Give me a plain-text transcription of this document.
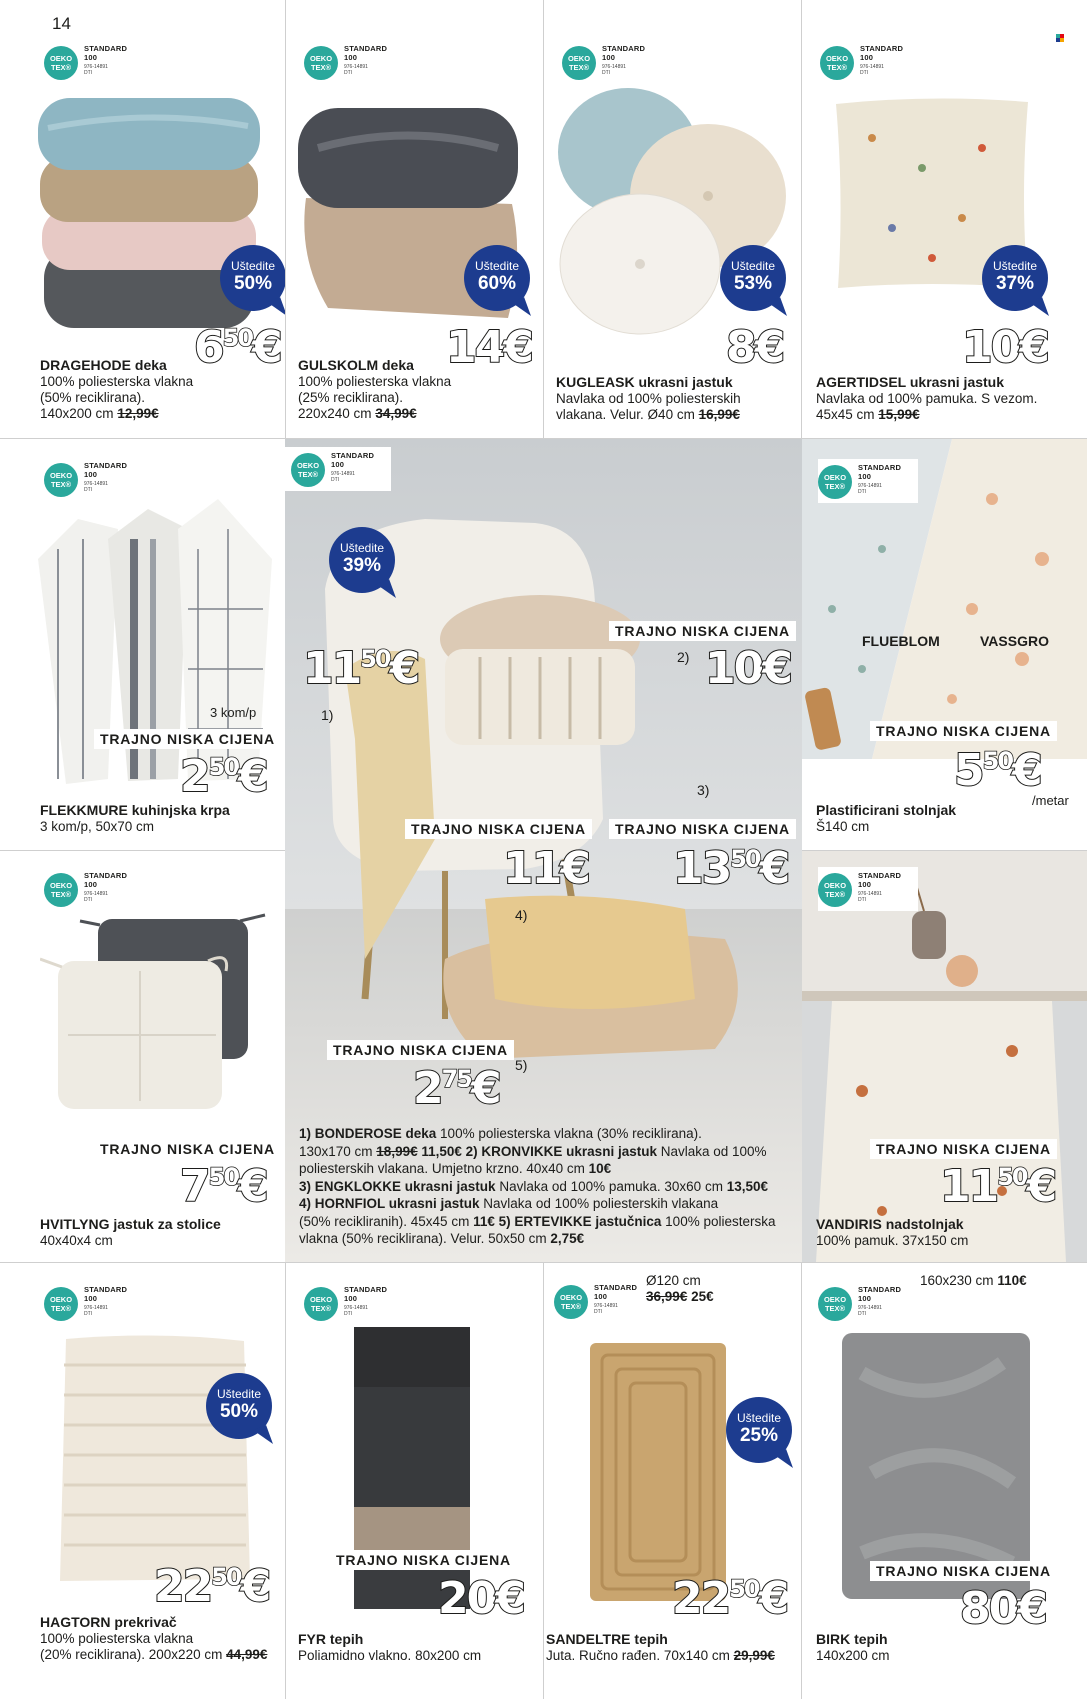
14
OEKO TEX®
STANDARD
100
976-14891
DTI
Uštedite
50%
650€
DRAGEHODE deka
100% poliesterska vlakna
(50% reciklirana).
140x200 cm 12,99€
OEKO TEX®
STANDARD
100
976-14891
DTI
Uštedite
60%
14€
GULSKOLM deka
100% poliesterska vlakna
(25% reciklirana).
220x240 cm 34,99€
OEKO TEX®
STANDARD
100
976-14891
DTI
Uštedite
53%
8€
KUGLEASK ukrasni jastuk
Navlaka od 100% poliesterskih
vlakana. Velur. Ø40 cm 16,99€
OEKO TEX®
STANDARD
100
976-14891
DTI
Uštedite
37%
10€
AGERTIDSEL ukrasni jastuk
Navlaka od 100% pamuka. S vezom.
45x45 cm 15,99€
OEKO TEX®
STANDARD
100
976-14891
DTI
3 kom/p
TRAJNO NISKA CIJENA
250€
FLEKKMURE kuhinjska krpa
3 kom/p, 50x70 cm
OEKO TEX®
STANDARD
100
976-14891
DTI
TRAJNO NISKA CIJENA
750€
HVITLYNG jastuk za stolice
40x40x4 cm
Uštedite
39%
1150€
1)
TRAJNO NISKA CIJENA
2) 10€
3)
TRAJNO NISKA CIJENA	TRAJNO NISKA CIJENA
11€ 1350€
4)
TRAJNO NISKA CIJENA
5)
275€
1) BONDEROSE deka 100% poliesterska vlakna (30% reciklirana).
130x170 cm 18,99€ 11,50€ 2) KRONVIKKE ukrasni jastuk Navlaka od 100%
poliesterskih vlakana. Umjetno krzno. 40x40 cm 10€
3) ENGKLOKKE ukrasni jastuk Navlaka od 100% pamuka. 30x60 cm 13,50€
4) HORNFIOL ukrasni jastuk Navlaka od 100% poliesterskih vlakana
(50% recikliranih). 45x45 cm 11€ 5) ERTEVIKKE jastučnica 100% poliesterska
vlakna (50% reciklirana). Velur. 50x50 cm 2,75€
OEKO TEX®
STANDARD
100
976-14891
DTI	OEKO TEX®
STANDARD
100
976-14891
DTI
FLUEBLOM	VASSGRO
TRAJNO NISKA CIJENA
550€
/metar
Plastificirani stolnjak
Š140 cm
OEKO TEX®
STANDARD
100
976-14891
DTI
TRAJNO NISKA CIJENA
1150€
VANDIRIS nadstolnjak
100% pamuk. 37x150 cm
OEKO TEX®
STANDARD
100
976-14891
DTI
Uštedite
50%
2250€
HAGTORN prekrivač
100% poliesterska vlakna
(20% reciklirana). 200x220 cm 44,99€
OEKO TEX®
STANDARD
100
976-14891
DTI
TRAJNO NISKA CIJENA
20€
FYR tepih
Poliamidno vlakno. 80x200 cm
OEKO TEX®
STANDARD
100
976-14891
DTI
Ø120 cm
36,99€ 25€
Uštedite
25%
2250€
SANDELTRE tepih
Juta. Ručno rađen. 70x140 cm 29,99€
OEKO TEX®
STANDARD
100
976-14891
DTI
160x230 cm 110€
TRAJNO NISKA CIJENA
80€
BIRK tepih
140x200 cm
